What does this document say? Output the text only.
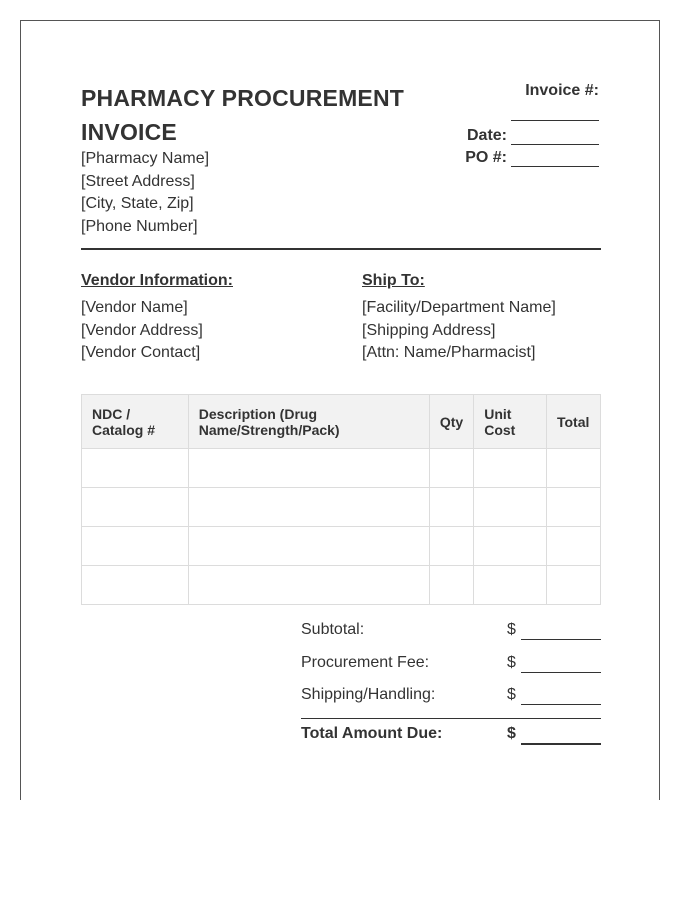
PHARMACY PROCUREMENT INVOICE
[Pharmacy Name]
[Street Address]
[City, State, Zip]
[Phone Number]
Invoice #:
Date:
PO #:
Vendor Information:
[Vendor Name]
[Vendor Address]
[Vendor Contact]
Ship To:
[Facility/Department Name]
[Shipping Address]
[Attn: Name/Pharmacist]
NDC / Catalog #	Description (Drug Name/Strength/Pack)	Qty	Unit Cost	Total

Subtotal:	$
Procurement Fee:	$
Shipping/Handling:	$
Total Amount Due:	$
